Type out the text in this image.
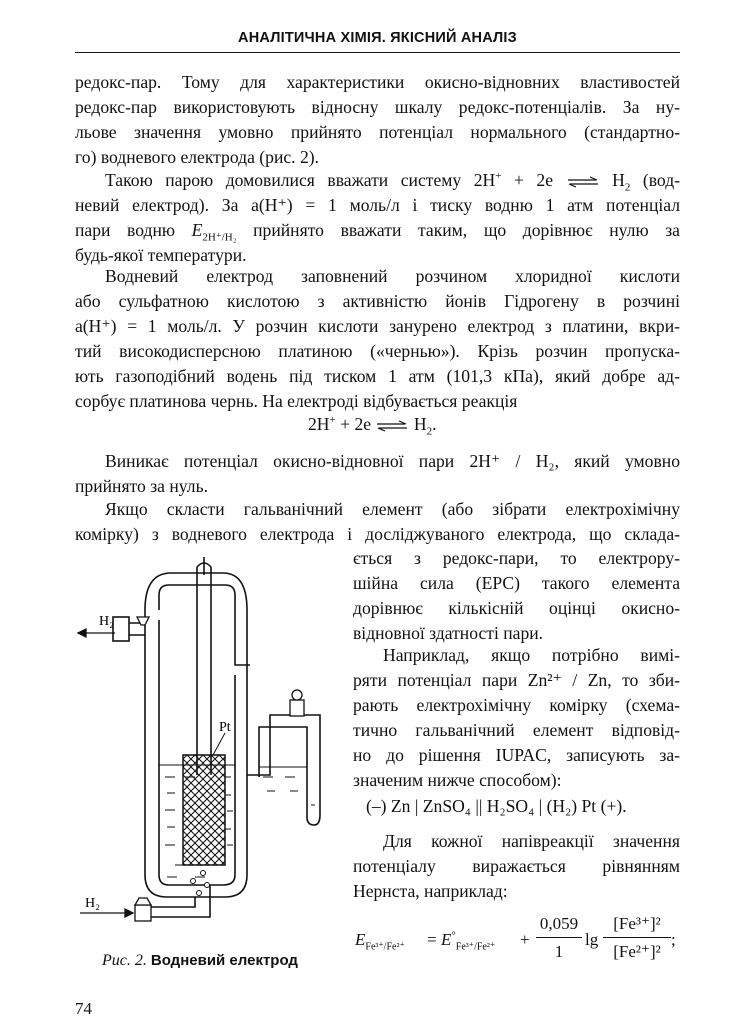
АНАЛІТИЧНА ХІМІЯ. ЯКІСНИЙ АНАЛІЗ
редокс-пар. Тому для характеристики окисно-відновних властивостей
редокс-пар використовують відносну шкалу редокс-потенціалів. За ну-
льове значення умовно прийнято потенціал нормального (стандартно-
го) водневого електрода (рис. 2).
Такою парою домовилися вважати систему 2H+ + 2e ⇌ $H_2$ (вод-
невий електрод). За a(H⁺) = 1 моль/л і тиску водню 1 атм потенціал
пари водню $E_{2H^+/H_2}$ прийнято вважати таким, що дорівнює нулю за
будь-якої температури.
Водневий електрод заповнений розчином хлоридної кислоти
або сульфатною кислотою з активністю йонів Гідрогену в розчині
a(H⁺) = 1 моль/л. У розчин кислоти занурено електрод з платини, вкри-
тий високодисперсною платиною («чернью»). Крізь розчин пропуска-
ють газоподібний водень під тиском 1 атм (101,3 кПа), який добре ад-
сорбує платинова чернь. На електроді відбувається реакція
2H+ + 2e ⇌ $H_2$.
Виникає потенціал окисно-відновної пари 2H⁺ / H₂, який умовно
прийнято за нуль.
Якщо скласти гальванічний елемент (або зібрати електрохімічну
комірку) з водневого електрода і досліджуваного електрода, що склада-
ється з редокс-пари, то електрору-
шійна сила (ЕРС) такого елемента
дорівнює кількісній оцінці окисно-
відновної здатності пари.
Наприклад, якщо потрібно вимі-
ряти потенціал пари Zn²⁺ / Zn, то зби-
рають електрохімічну комірку (схема-
тично гальванічний елемент відповід-
но до рішення IUPAC, записують за-
значеним нижче способом):
(–) Zn | ZnSO₄ || H₂SO₄ | (H₂) Pt (+).
Для кожної напівреакції значення
потенціалу виражається рівнянням
Нернста, наприклад:
$E_{Fe^{3+}/Fe^{2+}} = E^\circ_{Fe^{3+}/Fe^{2+}}$ +
0,059
1
lg
[Fe³⁺]²
[Fe²⁺]²
;
H₂
Pt
H₂
Рис. 2. Водневий електрод
74
